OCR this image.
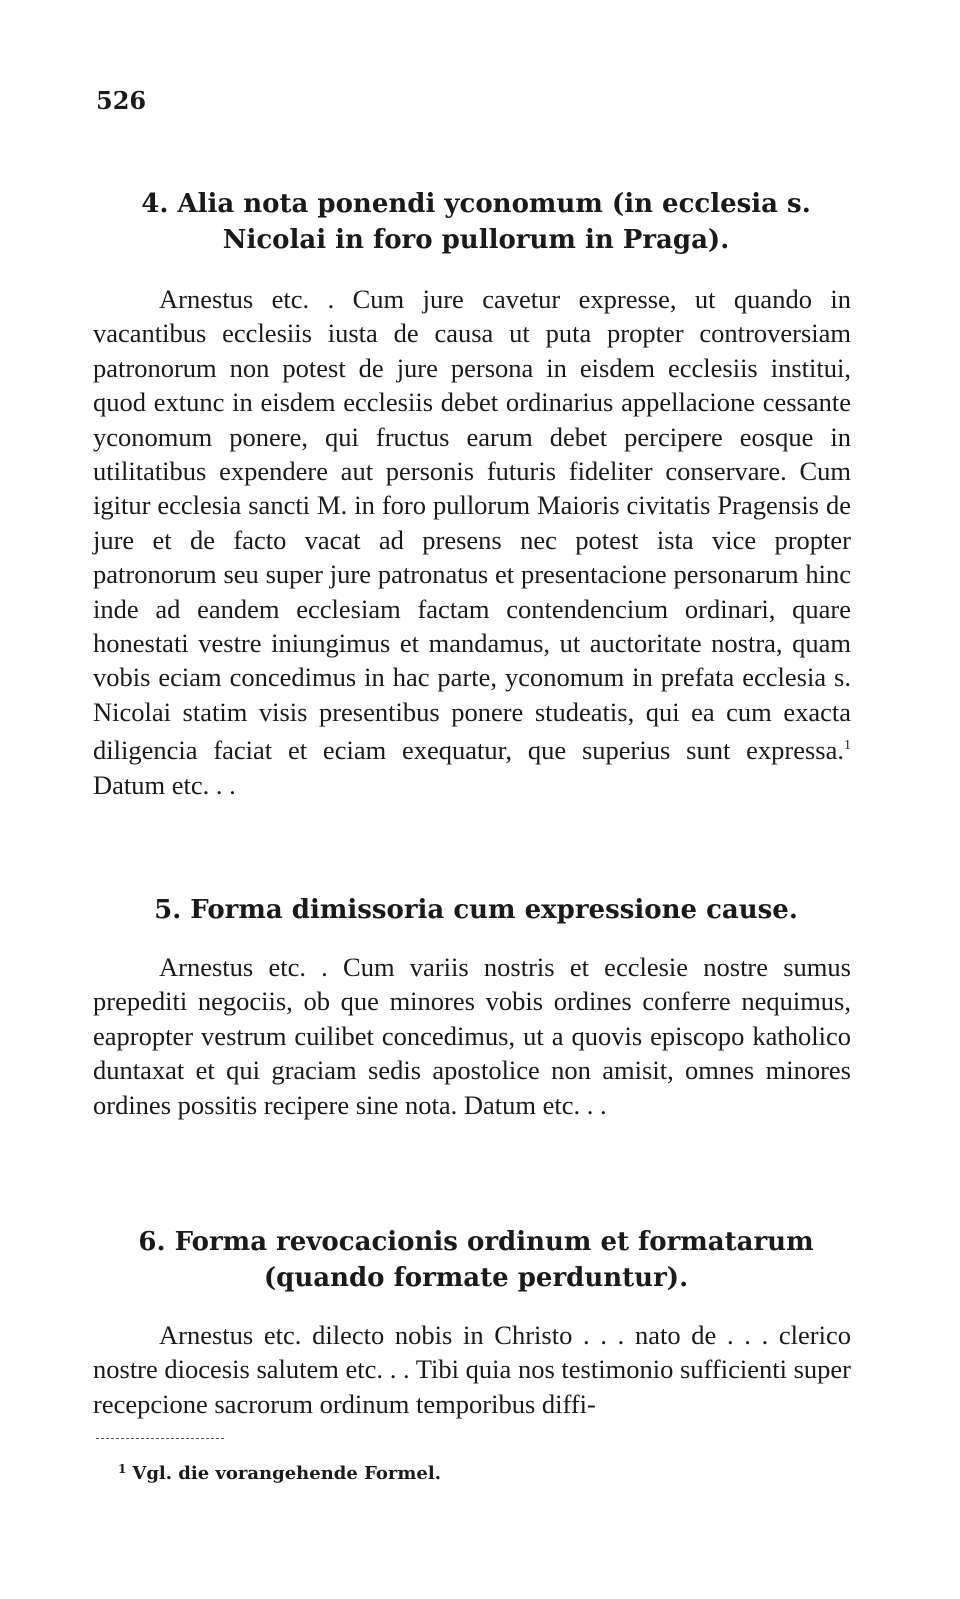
526
4. Alia nota ponendi yconomum (in ecclesia s. Nicolai in foro pullorum in Praga).
Arnestus etc. . Cum jure cavetur expresse, ut quando in vacantibus ecclesiis iusta de causa ut puta propter controversiam patronorum non potest de jure persona in eisdem ecclesiis institui, quod extunc in eisdem ecclesiis debet ordinarius appellacione cessante yconomum ponere, qui fructus earum debet percipere eosque in utilitatibus expendere aut personis futuris fideliter conservare. Cum igitur ecclesia sancti M. in foro pullorum Maioris civitatis Pragensis de jure et de facto vacat ad presens nec potest ista vice propter patronorum seu super jure patronatus et presentacione personarum hinc inde ad eandem ecclesiam factam contendencium ordinari, quare honestati vestre iniungimus et mandamus, ut auctoritate nostra, quam vobis eciam concedimus in hac parte, yconomum in prefata ecclesia s. Nicolai statim visis presentibus ponere studeatis, qui ea cum exacta diligencia faciat et eciam exequatur, que superius sunt expressa.$^1$ Datum etc. . .
5. Forma dimissoria cum expressione cause.
Arnestus etc. . Cum variis nostris et ecclesie nostre sumus prepediti negociis, ob que minores vobis ordines conferre nequimus, eapropter vestrum cuilibet concedimus, ut a quovis episcopo katholico duntaxat et qui graciam sedis apostolice non amisit, omnes minores ordines possitis recipere sine nota. Datum etc. . .
6. Forma revocacionis ordinum et formatarum (quando formate perduntur).
Arnestus etc. dilecto nobis in Christo . . . nato de . . . clerico nostre diocesis salutem etc. . . Tibi quia nos testimonio sufficienti super recepcione sacrorum ordinum temporibus diffi-
$^1$ Vgl. die vorangehende Formel.
